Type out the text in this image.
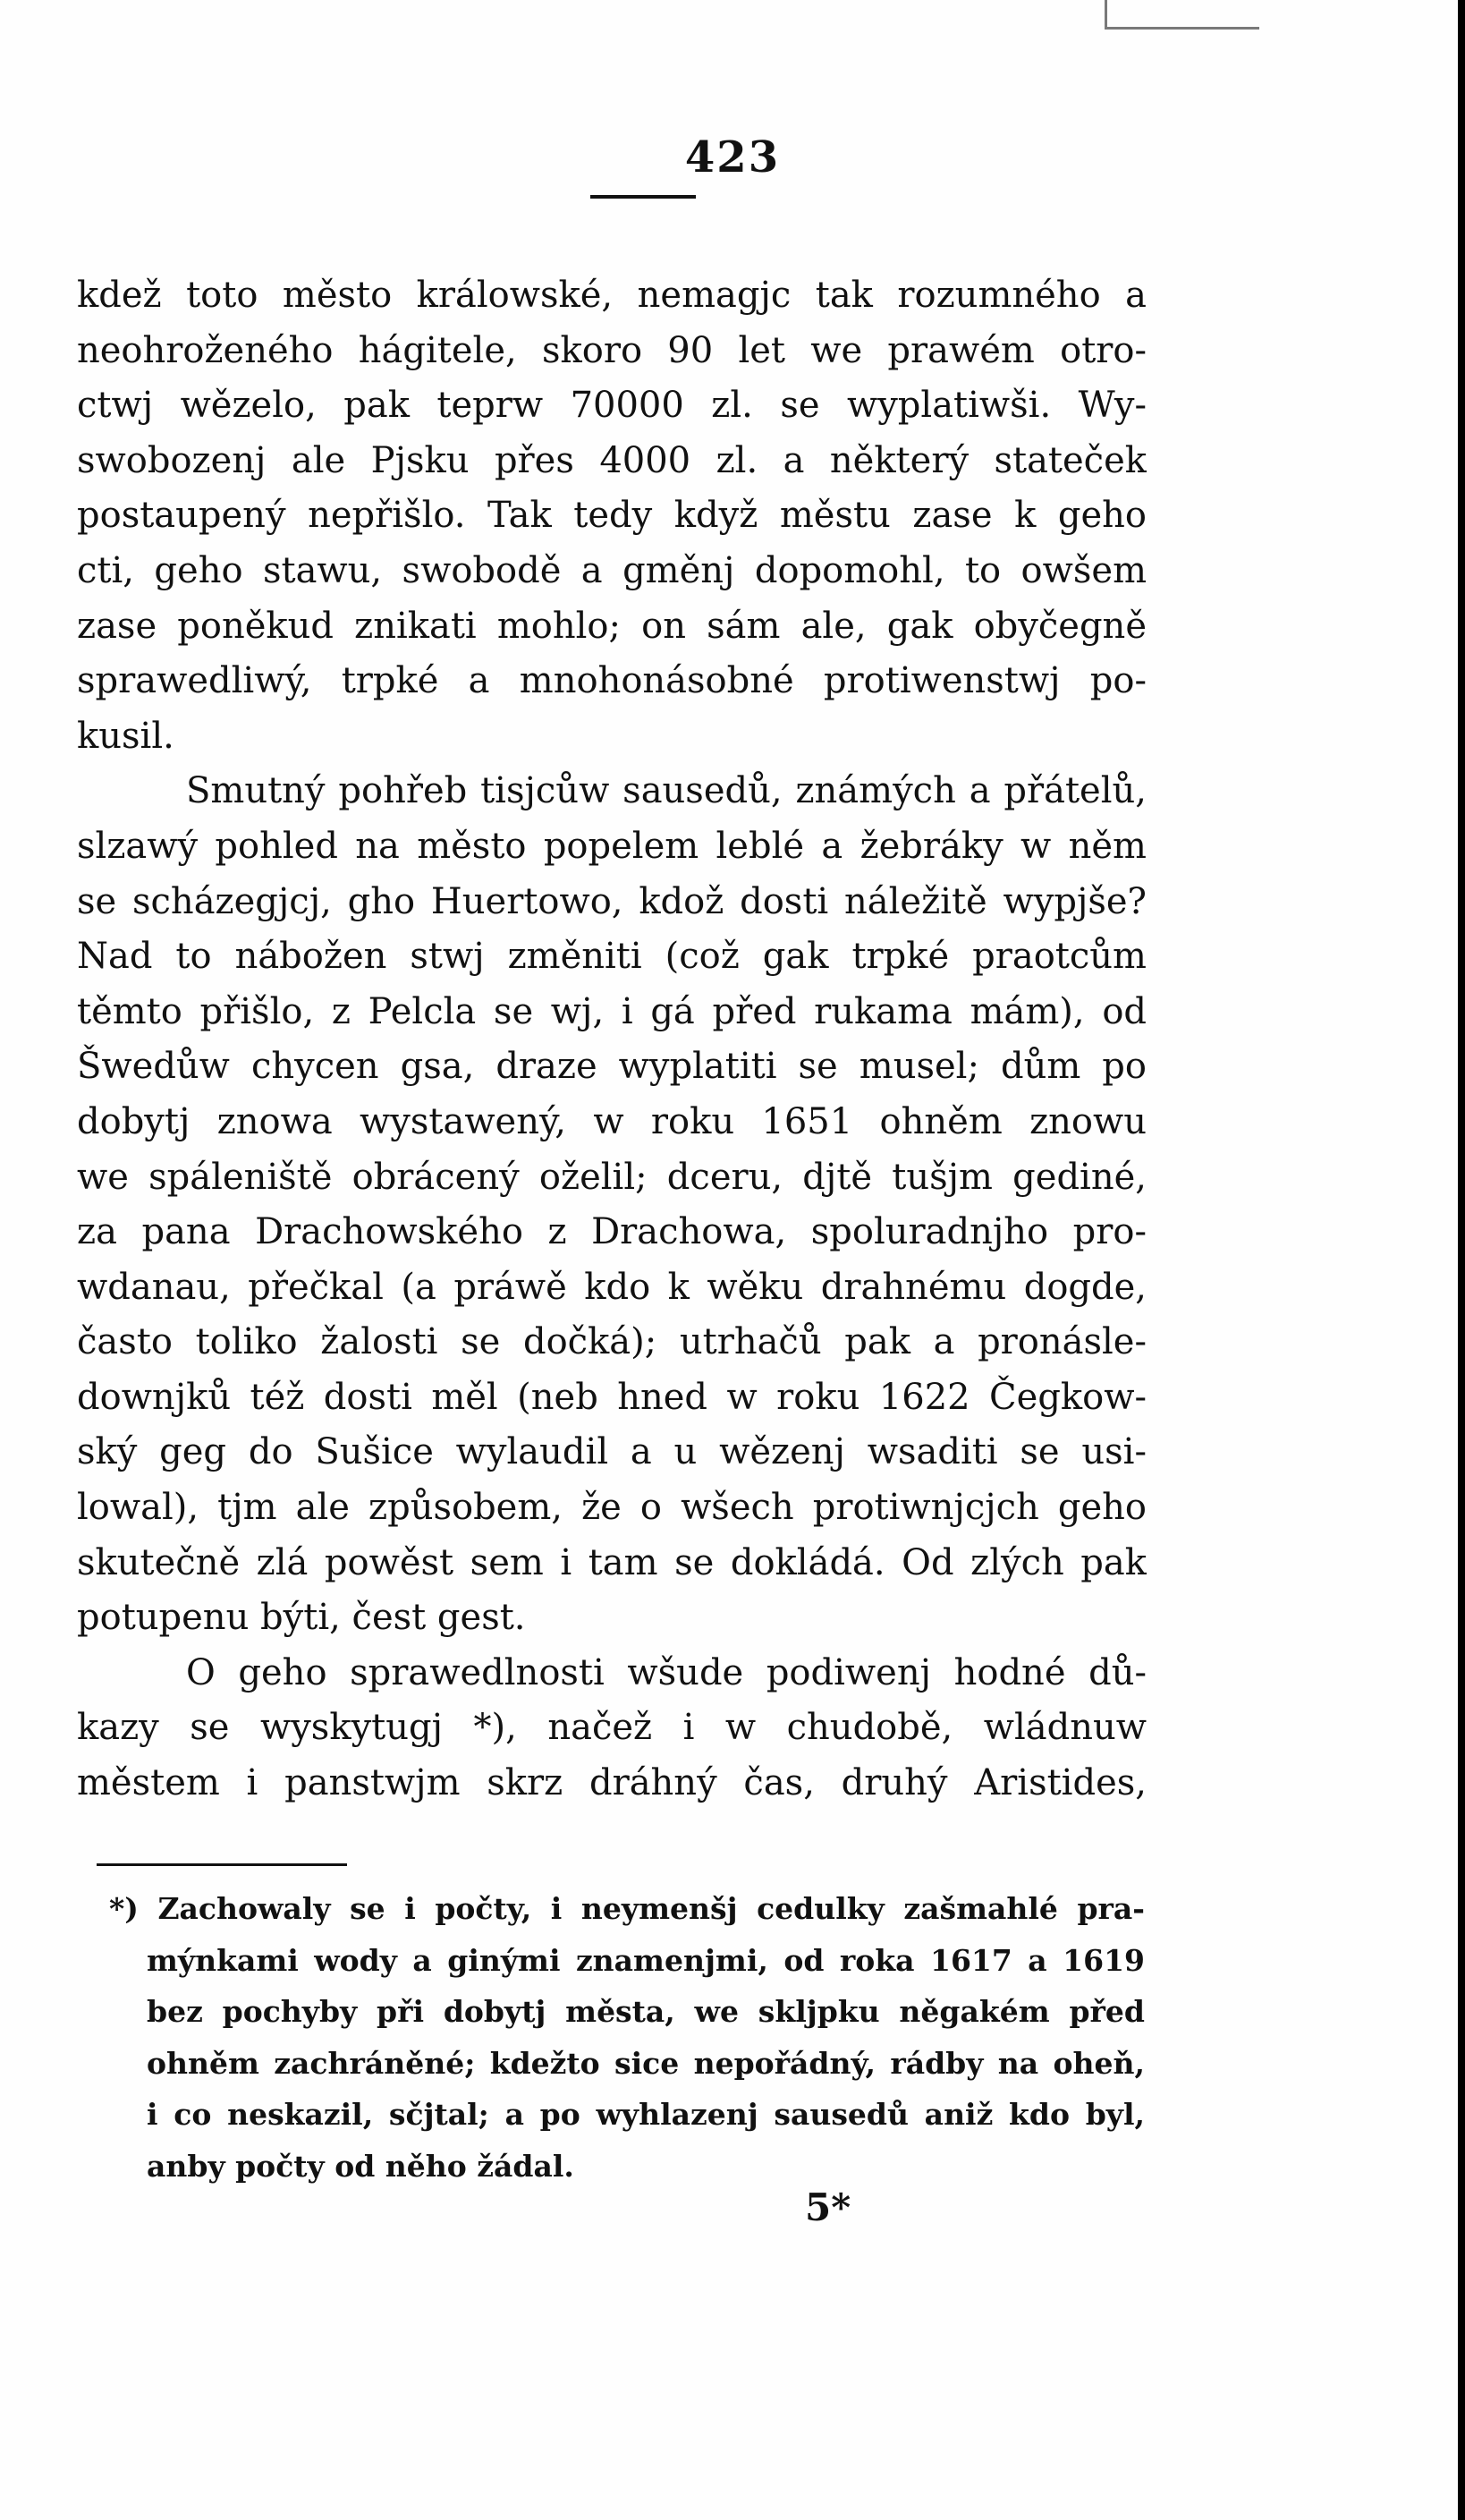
423
kdež toto město králowské, nemagjc tak rozumného a
neohroženého hágitele, skoro 90 let we prawém otro-
ctwj wězelo, pak teprw 70000 zl. se wyplatiwši. Wy-
swobozenj ale Pjsku přes 4000 zl. a některý stateček
postaupený nepřišlo. Tak tedy když městu zase k geho
cti, geho stawu, swobodě a gměnj dopomohl, to owšem
zase poněkud znikati mohlo; on sám ale, gak obyčegně
sprawedliwý, trpké a mnohonásobné protiwenstwj po-
kusil.
Smutný pohřeb tisjcůw sausedů, známých a přátelů,
slzawý pohled na město popelem leblé a žebráky w něm
se scházegjcj, gho Huertowo, kdož dosti náležitě wypjše?
Nad to nábožen stwj změniti (což gak trpké praotcům
těmto přišlo, z Pelcla se wj, i gá před rukama mám), od
Šwedůw chycen gsa, draze wyplatiti se musel; dům po
dobytj znowa wystawený, w roku 1651 ohněm znowu
we spáleniště obrácený oželil; dceru, djtě tušjm gediné,
za pana Drachowského z Drachowa, spoluradnjho pro-
wdanau, přečkal (a práwě kdo k wěku drahnému dogde,
často toliko žalosti se dočká); utrhačů pak a pronásle-
downjků též dosti měl (neb hned w roku 1622 Čegkow-
ský geg do Sušice wylaudil a u wězenj wsaditi se usi-
lowal), tjm ale způsobem, že o wšech protiwnjcjch geho
skutečně zlá powěst sem i tam se dokládá. Od zlých pak
potupenu býti, čest gest.
O geho sprawedlnosti wšude podiwenj hodné dů-
kazy se wyskytugj *), načež i w chudobě, wládnuw
městem i panstwjm skrz dráhný čas, druhý Aristides,
*) Zachowaly se i počty, i neymenšj cedulky zašmahlé pra-
mýnkami wody a ginými znamenjmi, od roka 1617 a 1619
bez pochyby při dobytj města, we skljpku něgakém před
ohněm zachráněné; kdežto sice nepořádný, rádby na oheň,
i co neskazil, sčjtal; a po wyhlazenj sausedů aniž kdo byl,
anby počty od něho žádal.
5*
